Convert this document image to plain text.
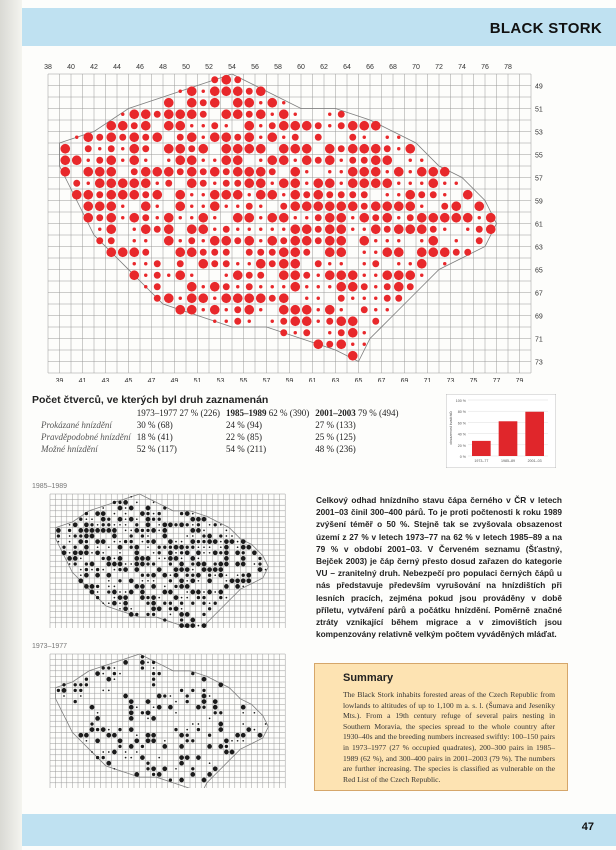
BLACK STORK
38 40 42 44 46 48 50 52 54 56 58 60 62 64 66 68 70 72 74 76 78
39 41 43 45 47 49 51 53 55 57 59 61 63 65 67 69 71 73 75 77 79
49
51
53
55
57
59
61
63
65
67
69
71
73
Počet čtverců, ve kterých byl druh zaznamenán
	1973–1977 27 % (226)	1985–1989 62 % (390)	2001–2003 79 % (494)
Prokázané hnízdění	30 % (68)	24 % (94)	27 % (133)
Pravděpodobné hnízdění	18 % (41)	22 % (85)	25 % (125)
Možné hnízdění	52 % (117)	54 % (211)	48 % (236)
100 %
80 %
60 %
40 %
20 %
0 %
obsazenost kvadrátů
1973–77	1985–89	2001–03
1985–1989
1973–1977
Celkový odhad hnízdního stavu čápa černého v ČR v letech 2001–03 činil 300–400 párů. To je proti počtenosti k roku 1989 zvýšení téměř o 50 %. Stejně tak se zvyšovala obsazenost území z 27 % v letech 1973–77 na 62 % v letech 1985–89 a na 79 % v období 2001–03. V Červeném seznamu (Šťastný, Bejček 2003) je čáp černý přesto dosud zařazen do kategorie VU – zranitelný druh. Nebezpečí pro populaci černých čápů u nás představuje především vyrušování na hnízdištích při lesních pracích, zejména pokud jsou prováděny v době příletu, vytváření párů a počátku hnízdění. Poměrně značné ztráty vznikající během migrace a v zimovištích jsou kompenzovány relativně velkým počtem vyváděných mláďat.
Summary

The Black Stork inhabits forested areas of the Czech Republic from lowlands to altitudes of up to 1,100 m a. s. l. (Šumava and Jeseníky Mts.). From a 19th century refuge of several pairs nesting in Southern Moravia, the species spread to the whole country after 1930–40s and the breeding numbers increased swiftly: 100–150 pairs in 1973–1977 (27 % occupied quadrates), 200–300 pairs in 1985–1989 (62 %), and 300–400 pairs in 2001–2003 (79 %). The numbers are further increasing. The species is classified as vulnerable on the Red List of the Czech Republic.

47
